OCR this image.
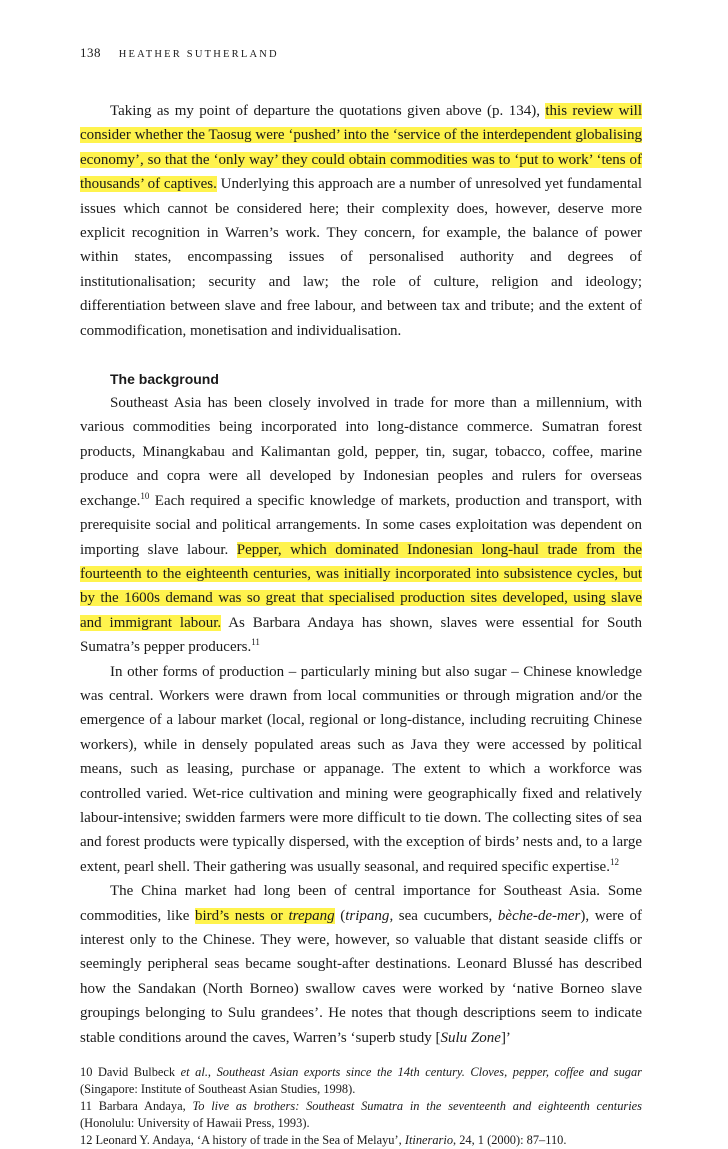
138 HEATHER SUTHERLAND

Taking as my point of departure the quotations given above (p. 134), this review will consider whether the Taosug were ‘pushed’ into the ‘service of the interdependent globalising economy’, so that the ‘only way’ they could obtain commodities was to ‘put to work’ ‘tens of thousands’ of captives. Underlying this approach are a number of unresolved yet fundamental issues which cannot be considered here; their complexity does, however, deserve more explicit recognition in Warren’s work. They concern, for example, the balance of power within states, encompassing issues of personalised authority and degrees of institutionalisation; security and law; the role of culture, religion and ideology; differentiation between slave and free labour, and between tax and tribute; and the extent of commodification, monetisation and individualisation.

The background

Southeast Asia has been closely involved in trade for more than a millennium, with various commodities being incorporated into long-distance commerce. Sumatran forest products, Minangkabau and Kalimantan gold, pepper, tin, sugar, tobacco, coffee, marine produce and copra were all developed by Indonesian peoples and rulers for overseas exchange.$^{10}$ Each required a specific knowledge of markets, production and transport, with prerequisite social and political arrangements. In some cases exploitation was dependent on importing slave labour. Pepper, which dominated Indonesian long-haul trade from the fourteenth to the eighteenth centuries, was initially incorporated into subsistence cycles, but by the 1600s demand was so great that specialised production sites developed, using slave and immigrant labour. As Barbara Andaya has shown, slaves were essential for South Sumatra’s pepper producers.$^{11}$

In other forms of production – particularly mining but also sugar – Chinese knowledge was central. Workers were drawn from local communities or through migration and/or the emergence of a labour market (local, regional or long-distance, including recruiting Chinese workers), while in densely populated areas such as Java they were accessed by political means, such as leasing, purchase or appanage. The extent to which a workforce was controlled varied. Wet-rice cultivation and mining were geographically fixed and relatively labour-intensive; swidden farmers were more difficult to tie down. The collecting sites of sea and forest products were typically dispersed, with the exception of birds’ nests and, to a large extent, pearl shell. Their gathering was usually seasonal, and required specific expertise.$^{12}$

The China market had long been of central importance for Southeast Asia. Some commodities, like bird’s nests or trepang (tripang, sea cucumbers, bèche-de-mer), were of interest only to the Chinese. They were, however, so valuable that distant seaside cliffs or seemingly peripheral seas became sought-after destinations. Leonard Blussé has described how the Sandakan (North Borneo) swallow caves were worked by ‘native Borneo slave groupings belonging to Sulu grandees’. He notes that though descriptions seem to indicate stable conditions around the caves, Warren’s ‘superb study [Sulu Zone]’

10 David Bulbeck et al., Southeast Asian exports since the 14th century. Cloves, pepper, coffee and sugar (Singapore: Institute of Southeast Asian Studies, 1998).
11 Barbara Andaya, To live as brothers: Southeast Sumatra in the seventeenth and eighteenth centuries (Honolulu: University of Hawaii Press, 1993).
12 Leonard Y. Andaya, ‘A history of trade in the Sea of Melayu’, Itinerario, 24, 1 (2000): 87–110.
